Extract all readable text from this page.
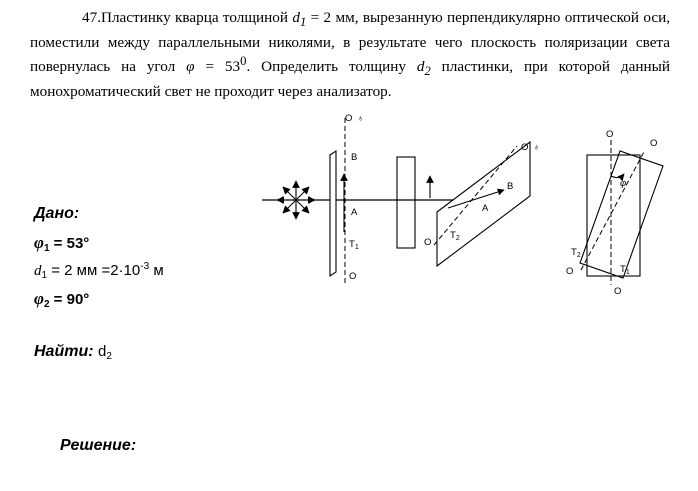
47.Пластинку кварца толщиной $d_1 = 2$ мм, вырезанную перпендикулярно оптической оси, поместили между параллельными николями, в результате чего плоскость поляризации света повернулась на угол $\varphi = 53^0$. Определить толщину $d_2$ пластинки, при которой данный монохроматический свет не проходит через анализатор.

O ♁
B
A
$T_1$
O
O ♁
B
A
$T_2$
O
O
O
φ
$T_2$
$T_1$
O
O
Дано:
$\varphi_1 = 53^\circ$
$d_1 = 2$ мм $=2\cdot 10^{-3}$ м
$\varphi_2 = 90^\circ$
Найти: $d_2$
Решение:
